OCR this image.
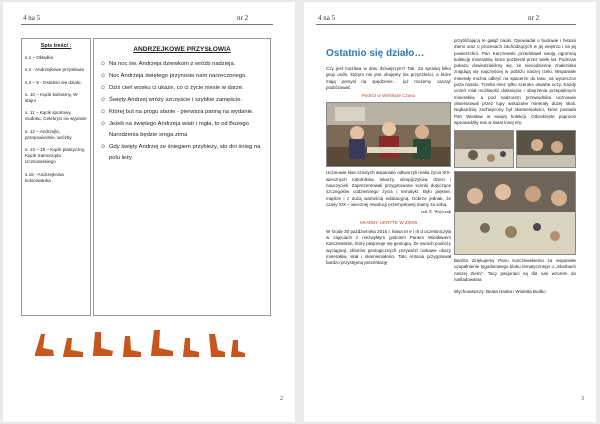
4 na 5	nr 2
Spis treści :
s.1 – Okładka
s.2 - Andrzejkowe przysłowia
s.3 – 9 - Ostatnio się działo,
s. 10 – Kącik kulinarny, W stajni
s. 11 – Kącik sportowy, Sudoku, Celebryci na wypasie
s. 12 – Andrzejki, przepowiednie, wróżby
s. 13 – 15 – Kącik plastyczny, Kącik Samorządu Uczniowskiego
s.16 - Andrzejkowa kolorowanka
ANDRZEJKOWE PRZYSŁOWIA
☺ Na noc św. Andrzeja dziewkom z wróżb nadzieja.
☺ Noc Andrzeja świętego przynosie nam narzeczonego.
☺ Dziś cień wosku ci ukaże, co ci życie niesie w darze.
☺ Święty Andrzej wróży szczęście i szybkie zamęście.
☺ Której but na progu stanie - pierwsza panną na wydanie.
☺ Jeżeli na świętego Andrzeja wiatr i mgła, to od Bożego Narodzenia będzie sroga zima
☺ Gdy święty Andrzej ze śniegiem przybieży, sto dni śnieg na polu leży
2
4 na 5	nr 2
Ostatnio się działo…
Czy jest możliwa w dniu dzisiejszym? Tak. Za sprawą kilku grup osób, którym nie jest obojętny los przyszłości, a które mają pomysł na spędzenie… już możemy zacząć podróżować.
Podróż w Wehikule Czasu
Uczniowie klas szóstych wspaniale odtworzyli realia życia XIX-wiecznych robotników, lekarzy, olimpijczyków, dzieci i nauczycieli. Zaprezentowali przygotowane scenki dotyczące szczegółów codziennego życia i tematyki. Było pięknie, mądrze i z dużą wartością edukacyjną. Dobrze jednak, że czasy XIX – wiecznej rewolucji przemysłowej mamy za sobą.
red. E. Wojtczak
SKARBY UKRYTE W ZIEMI
W środę 30 października 2016 r. klasa III e i III d uczestniczyła w zajęciach z niezwykłym gościem Panem Wiesławem Karczewskim, który pasjonuje się geologią. Ze swoich podróży wyciągnął, zbiorów geologicznych przywiózł ciekawe okazy minerałów, skał i skamieniałości. Tato Antosia przygotował bardzo przystępną prezentację
przybliżającą te gałąź nauki. Opowiadał o budowie i historii Ziemi oraz o procesach zachodzących w jej wnętrzu i na jej powierzchni. Pan Karczewski przedstawił swoją ogromną kolekcję minerałów, które pozbierał przez wiele lat. Podczas pokazu dowiedzieliśmy się, że niecodzienne znaleziska znajdują się najczęściej w pobliżu naszej rzeki. Wspaniałe minerały można odkryć na spacerze do lasu, na wycieczce poza miasto. Trzeba mieć tylko szeroko otwarte oczy. Każdy uczeń miał możliwość dotknięcia i obejrzenia przepięknych minerałów, a pod nadzorem przewodnika uczniowie obserwowali przez lupy wskazane minerały dużej skali. Najbardziej zachwycony był skamieniałości, które posiada Pan Wiesław w swojej kolekcji. Odcisknięte paprocie wprowadziły nas w świat innej ery.
Bardzo dziękujemy Panu Karczewskiemu za wspaniałe uzupełnienie tygodniowego bloku tematycznego o „Skarbach naszej Ziemi”. Tacy pasjonaci są dla nas wzorem do naśladowania
Wychowawczy: Beata Hanka i Wioletta Budko
3
